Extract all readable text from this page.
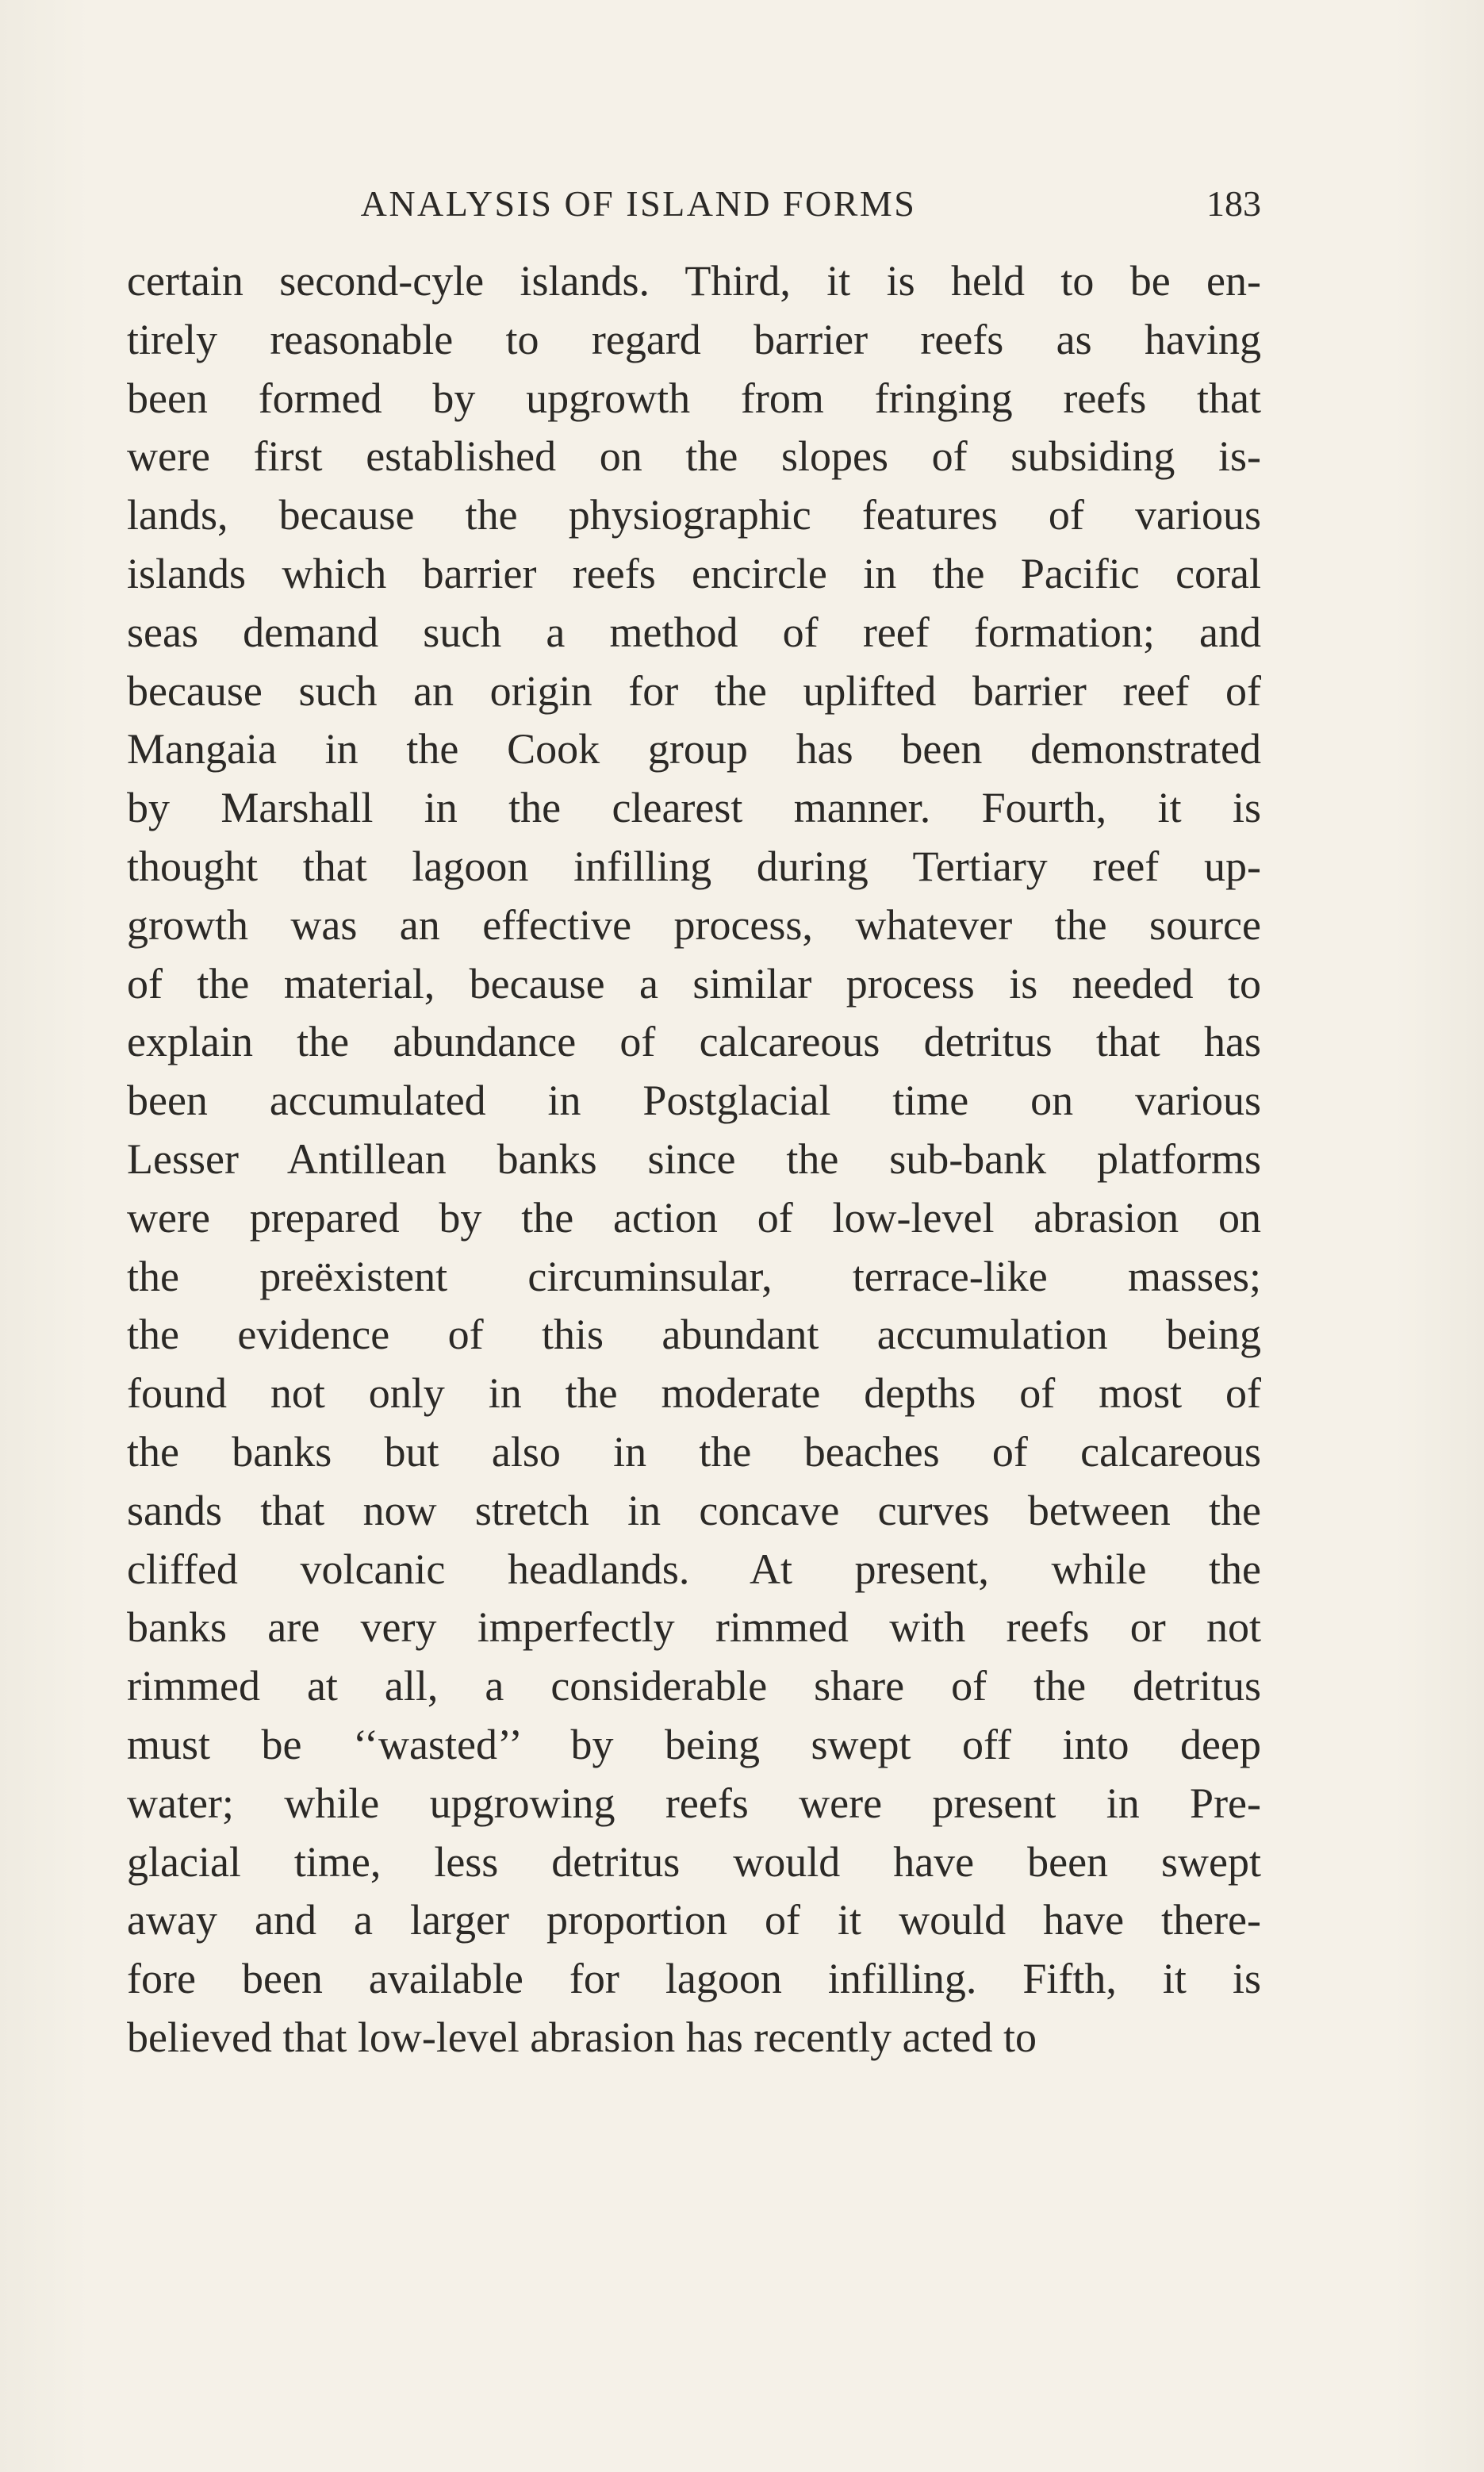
ANALYSIS OF ISLAND FORMS	183
certain second-cyle islands. Third, it is held to be en-
tirely reasonable to regard barrier reefs as having
been formed by upgrowth from fringing reefs that
were first established on the slopes of subsiding is-
lands, because the physiographic features of various
islands which barrier reefs encircle in the Pacific coral
seas demand such a method of reef formation; and
because such an origin for the uplifted barrier reef of
Mangaia in the Cook group has been demonstrated
by Marshall in the clearest manner. Fourth, it is
thought that lagoon infilling during Tertiary reef up-
growth was an effective process, whatever the source
of the material, because a similar process is needed to
explain the abundance of calcareous detritus that has
been accumulated in Postglacial time on various
Lesser Antillean banks since the sub-bank platforms
were prepared by the action of low-level abrasion on
the preëxistent circuminsular, terrace-like masses;
the evidence of this abundant accumulation being
found not only in the moderate depths of most of
the banks but also in the beaches of calcareous
sands that now stretch in concave curves between the
cliffed volcanic headlands. At present, while the
banks are very imperfectly rimmed with reefs or not
rimmed at all, a considerable share of the detritus
must be ‘‘wasted’’ by being swept off into deep
water; while upgrowing reefs were present in Pre-
glacial time, less detritus would have been swept
away and a larger proportion of it would have there-
fore been available for lagoon infilling. Fifth, it is
believed that low-level abrasion has recently acted to
